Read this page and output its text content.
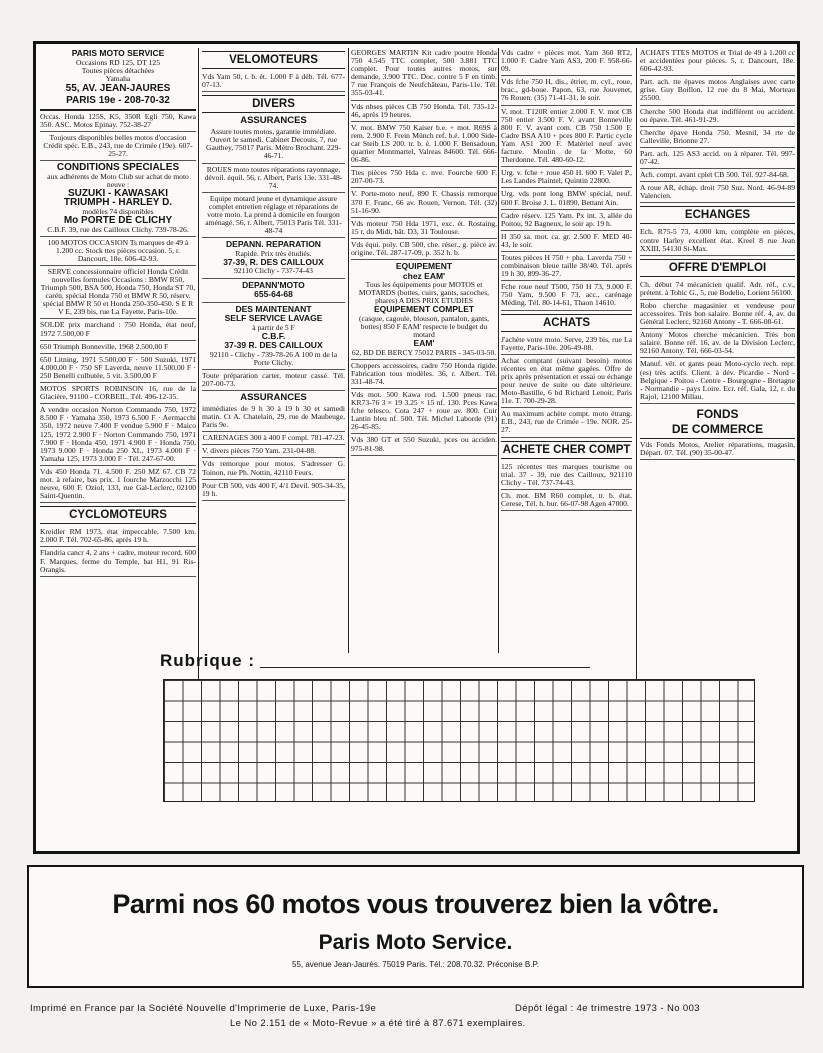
PARIS MOTO SERVICE
Occasions RD 125, DT 125
Toutes pièces détachées
Yamaha
55, AV. JEAN-JAURES
PARIS 19e - 208-70-32
Occas. Honda 125S, K5, 350R Egli 750, Kawa 350. ASC. Motos Epinay. 752-38-27
Toujours disponibles belles motos d'occasion Crédit spéc. E.B., 243, rue de Crimée (19e). 607-25-27.
CONDITIONS SPECIALES
aux adhérents de Moto Club sur achat de moto neuve :
SUZUKI - KAWASAKI
TRIUMPH - HARLEY D.
modèles 74 disponibles
Mo PORTE DE CLICHY
C.B.F. 39, rue des Cailloux Clichy. 739-78-26.
100 MOTOS OCCASION Ts marques de 49 à 1.200 cc. Stock ttes pièces occasion. 5, r. Dancourt, 18e. 606-42-93.
SERVE concessionnaire officiel Honda Crédit nouvelles formules Occasions : BMW R50, Triumph 500, BSA 500, Honda 750, Honda ST 70, carén. spécial Honda 750 et BMW R 50, réserv. spécial BMW R 50 et Honda 250-350-450. S E R V E, 239 bis, rue La Fayette, Paris-10e.
SOLDE prix marchand : 750 Honda, état neuf, 1972 7.500,00 F
650 Triumph Bonneville, 1968 2.500,00 F
650 Litning, 1971 5.500,00 F · 500 Suzuki, 1971 4.000,00 F · 750 SF Laverda, neuve 11.500,00 F · 250 Benelli culbutée, 5 vit. 3.500,00 F
MOTOS SPORTS ROBINSON 16, rue de la Glacière, 91100 - CORBEIL. Tél. 496-12-35.
A vendre occasion Norton Commando 750, 1972 8.500 F · Yamaha 350, 1973 6.500 F · Aermacchi 350, 1972 neuve 7.400 F vendue 5.900 F · Maico 125, 1972 2.900 F · Norton Commando 750, 1971 7.900 F · Honda 450, 1971 4.900 F · Honda 750, 1973 9.000 F · Honda 250 XL, 1973 4.000 F · Yamaha 125, 1973 3.000 F · Tél. 247-67-00.
Vds 450 Honda 71. 4.500 F. 250 MZ 67. CB 72 mot. à refaire, bas prix. 1 fourche Marzocchi 125 neuve, 600 F. Oziol, 133, rue Gal-Leclerc, 02100 Saint-Quentin.
CYCLOMOTEURS
Kreidler RM 1973, état impeccable, 7.500 km. 2.000 F. Tél. 702-65-86, après 19 h.
Flandria cancr 4, 2 ans + cadre, moteur record. 600 F. Marques, ferme du Temple, bat H1, 91 Ris-Orangis.
VELOMOTEURS
Vds Yam 50, t. b. ét. 1.000 F à déb. Tél. 677-07-13.
DIVERS
ASSURANCES
Assure toutes motos, garantie immédiate. Ouvert le samedi. Cabinet Decouis, 7, rue Gauthey, 75017 Paris. Métro Brochant. 229-46-71.
ROUES moto toutes réparations rayonnage, dévoil. équil. 56, r. Albert, Paris 13e. 331-48-74.
Equipe motard jeune et dynamique assure complet entretien réglage et réparations de votre moto. La prend à domicile en fourgon aménagé. 56, r. Albert, 75013 Paris Tél. 331-48-74
DEPANN. REPARATION
Rapide. Prix très étudiés.
37-39, R. DES CAILLOUX
92110 Clichy - 737-74-43
DEPANN'MOTO
655-64-68
DES MAINTENANT
SELF SERVICE LAVAGE
à partir de 5 F
C.B.F.
37-39 R. DES CAILLOUX
92110 - Clichy - 739-78-26 A 100 m de la Porte Clichy.
Toute préparation carter, moteur cassé. Tél. 207-00-73.
ASSURANCES
immédiates de 9 h 30 à 19 h 30 et samedi matin. Ct A. Chatelain, 29, rue de Maubeuge, Paris 9e.
CARENAGES 300 à 400 F compl. 781-47-23.
V. divers pièces 750 Yam. 231-04-88.
Vds remorque pour motos. S'adresser G. Toinon, rue Ph. Nottin, 42110 Feurs.
Pour CB 500, vds 400 F, 4/1 Devil. 905-34-35, 19 h.
GEORGES MARTIN Kit cadre poutre Honda 750 4.545 TTC complet, 500 3.881 TTC complet. Pour toutes autres motos, sur demande, 3.900 TTC. Doc. contre 5 F en timb. 7 rue François de Neufchâteau, Paris-11e. Tél. 355-03-41.
Vds nbses pièces CB 750 Honda. Tél. 735-12-46, après 19 heures.
V. mot. BMW 750 Kaiser b.e. + mot. R69S à rem. 2.900 F. Frein Münch ref. b.é. 1.000 Side-car Steib LS 200. tr. b. é. 1.000 F. Bensadoun, quartier Montmartel, Valreas 84600. Tél. 666-06-86.
Ttes pièces 750 Hda c. nve. Fourche 600 F. 207-00-73.
V. Porte-moto neuf, 890 F. Chassis remorque 370 F. Franc, 66 av. Rouen, Vernon. Tél. (32) 51-16-90.
Vds moteur 750 Hda 1971, exc. ét. Rostaing, 15 r. du Midi, bât. D3, 31 Toulouse.
Vds équi. poly. CB 500, che. réser., g. pièce av. origine. Tél. 287-17-09, p. 352 h. b.
EQUIPEMENT
chez EAM'
Tous les équipements pour MOTOS et MOTARDS (bottes, cuirs, gants, sacoches, phares) A DES PRIX ETUDIES
EQUIPEMENT COMPLET
(casque, cagoule, blouson, pantalon, gants, bottes) 850 F EAM' respecte le budget du motard
EAM'
62, BD DE BERCY 75012 PARIS - 345-03-50.
Choppers accessoires, cadre 750 Honda rigide. Fabrication tous modèles. 36, r. Albert. Tél. 331-48-74.
Vds mot. 500 Kawa rod. 1.500 pneus rac. KR73-76 3 × 19 3.25 × 15 nf. 130. Pces Kawa fche telesco. Cota 247 + roue av. 800. Cuir Lantin bleu nf. 500. Tél. Michel Laborde (91) 26-45-85.
Vds 380 GT et 550 Suzuki, pces ou acciden. 975-81-98.
Vds cadre + pièces mot. Yam 360 RT2, 1.000 F. Cadre Yam AS3, 200 F. 958-66-09.
Vds fche 750 H, dis., étrier, m. cyl., roue, brac., gd-boue. Papon, 63, rue Jouvenet, 76 Rouen. (35) 71-41-31, le soir.
V. mot. T120R entier 2.000 F. V. mot CB 750 entier 3.500 F. V. avant Bonneville 800 F. V. avant com. CB 750 1.500 F. Cadre BSA A10 + pces 800 F. Partic cycle Yam AS1 200 F. Matériel neuf avec facture. Moulin de la Motte, 60 Therdonne. Tél. 480-60-12.
Urg. v. fche + roue 450 H. 600 F. Valet P., Les Landes Plaintel, Quintin 22800.
Urg. vds pont long BMW spécial, neuf. 600 F. Broise J. L. 01890, Bettant Ain.
Cadre réserv. 125 Yam. Px int. 3, allée du Poitou, 92 Bagneux, le soir ap. 19 h.
H 350 sa. mot. ca. gr. 2.500 F. MED 40-43, le soir.
Toutes pièces H 750 + pha. Laverda 750 + combinaison bleue taille 38/40. Tél. après 19 h 30, 899-36-27.
Fche roue neuf T500, 750 H 73, 9.000 F. 750 Yam, 9.500 F 73, acc., carénage Méding. Tél. 80-14-61, Thaon 14610.
ACHATS
J'achète votre moto. Serve, 239 bis, rue La Fayette, Paris-10e. 206-49-08.
Achat comptant (suivant besoin) motos récentes en état même gagées. Offre de prix après présentation et essai ou échange pour neuve de suite ou date ultérieure. Moto-Bastille, 6 bd Richard Lenoir, Paris 11e. T. 700-29-28.
Au maximum achète compt. moto étrang. E.B., 243, rue de Crimée - 19e. NOR. 25-27.
ACHETE CHER COMPT
125 récentes ttes marques tourisme ou trial. 37 - 39, rue des Cailloux, 921110 Clichy - Tél. 737-74-43.
Ch. mot. BM R60 complet, tr. b. état. Cerese, Tél. h. bur. 66-07-98 Agen 47000.
ACHATS TTES MOTOS et Trial de 49 à 1.200 cc et accidentées pour pièces. 5, r. Dancourt, 18e. 606-42-93.
Part. ach. tte épaves motos Anglaises avec carte grise. Guy Boillon, 12 rue du 8 Mai, Morteau 25500.
Cherche 500 Honda état indifférent ou accident. ou épave. Tél. 461-91-29.
Cherche épave Honda 750. Mesnil, 34 rte de Calleville, Brionne 27.
Part. ach. 125 AS3 accid. ou à réparer. Tél. 997-07-42.
Ach. compt. avant cplet CB 500. Tél. 927-84-68.
A roue AR, échap. droit 750 Suz. Nord. 46-94-89 Valencien.
ECHANGES
Ech. R75-5 73, 4.000 km, complète en pièces, contre Harley excellent état. Kreel 8 rue Jean XXIII, 54130 St-Max.
OFFRE D'EMPLOI
Ch. début 74 mécanicien qualif. Adr. réf., c.v., prétent. à Tohic G., 5, rue Bodelio, Lorient 56100.
Robo cherche magasinier et vendeuse pour accessoires. Très bon salaire. Bonne réf. 4, av. du Général Leclerc, 92160 Antony - T. 666-08-61.
Antony Motos cherche mécanicien. Très bon salaire. Bonne réf. 16, av. de la Division Leclerc, 92160 Antony. Tél. 666-03-54.
Manuf. vêt. et gants peau Moto-cyclo rech. repr. (es) très actifs. Client. à dév. Picardie - Nord - Belgique - Poitou - Centre - Bourgogne - Bretagne - Normandie - pays Loire. Ecr. réf. Gala, 12, r. du Rajol, 12100 Millau.
FONDS
DE COMMERCE
Vds Fonds Motos, Atelier réparations, magasin, Départ. 07. Tél. (90) 35-00-47.
Rubrique :
Parmi nos 60 motos vous trouverez bien la vôtre.
Paris Moto Service.
55, avenue Jean-Jaurès. 75019 Paris. Tél.: 208.70.32. Préconise B.P.
Imprimé en France par la Société Nouvelle d'Imprimerie de Luxe, Paris-19e	Dépôt légal : 4e trimestre 1973 - No 003
Le No 2.151 de « Moto-Revue » a été tiré à 87.671 exemplaires.
